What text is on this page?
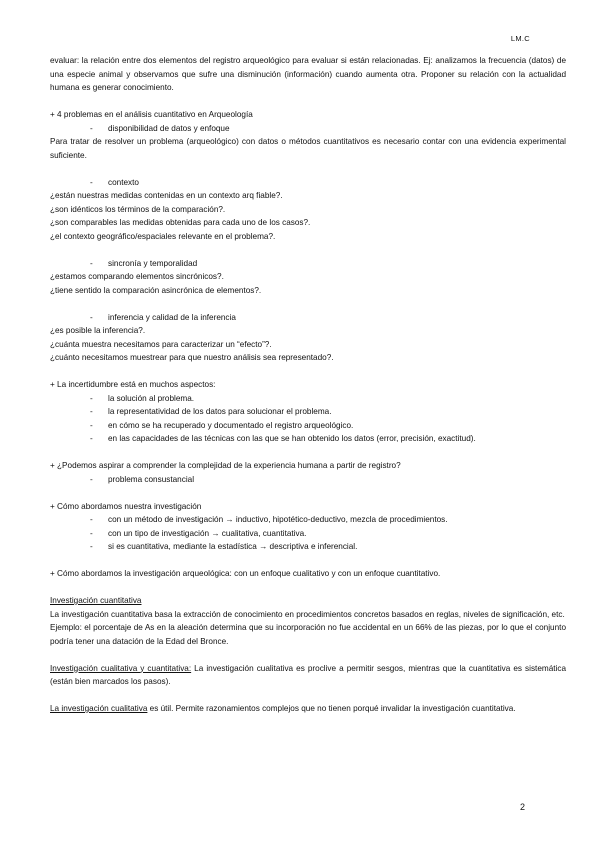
LM.C

evaluar: la relación entre dos elementos del registro arqueológico para evaluar si están relacionadas. Ej: analizamos la frecuencia (datos) de una especie animal y observamos que sufre una disminución (información) cuando aumenta otra. Proponer su relación con la actualidad humana es generar conocimiento.

+ 4 problemas en el análisis cuantitativo en Arqueología

- disponibilidad de datos y enfoque

Para tratar de resolver un problema (arqueológico) con datos o métodos cuantitativos es necesario contar con una evidencia experimental suficiente.

- contexto

¿están nuestras medidas contenidas en un contexto arq fiable?.

¿son idénticos los términos de la comparación?.

¿son comparables las medidas obtenidas para cada uno de los casos?.

¿el contexto geográfico/espaciales relevante en el problema?.

- sincronía y temporalidad

¿estamos comparando elementos sincrónicos?.

¿tiene sentido la comparación asincrónica de elementos?.

- inferencia y calidad de la inferencia

¿es posible la inferencia?.

¿cuánta muestra necesitamos para caracterizar un “efecto”?.

¿cuánto necesitamos muestrear para que nuestro análisis sea representado?.

+ La incertidumbre está en muchos aspectos:

- la solución al problema.
- la representatividad de los datos para solucionar el problema.
- en cómo se ha recuperado y documentado el registro arqueológico.
- en las capacidades de las técnicas con las que se han obtenido los datos (error, precisión, exactitud).

+ ¿Podemos aspirar a comprender la complejidad de la experiencia humana a partir de registro?

- problema consustancial

+ Cómo abordamos nuestra investigación

- con un método de investigación → inductivo, hipotético-deductivo, mezcla de procedimientos.
- con un tipo de investigación → cualitativa, cuantitativa.
- si es cuantitativa, mediante la estadística → descriptiva e inferencial.

+ Cómo abordamos la investigación arqueológica: con un enfoque cualitativo y con un enfoque cuantitativo.

Investigación cuantitativa

La investigación cuantitativa basa la extracción de conocimiento en procedimientos concretos basados en reglas, niveles de significación, etc.

Ejemplo: el porcentaje de As en la aleación determina que su incorporación no fue accidental en un 66% de las piezas, por lo que el conjunto podría tener una datación de la Edad del Bronce.

Investigación cualitativa y cuantitativa: La investigación cualitativa es proclive a permitir sesgos, mientras que la cuantitativa es sistemática (están bien marcados los pasos).

La investigación cualitativa es útil. Permite razonamientos complejos que no tienen porqué invalidar la investigación cuantitativa.

2
